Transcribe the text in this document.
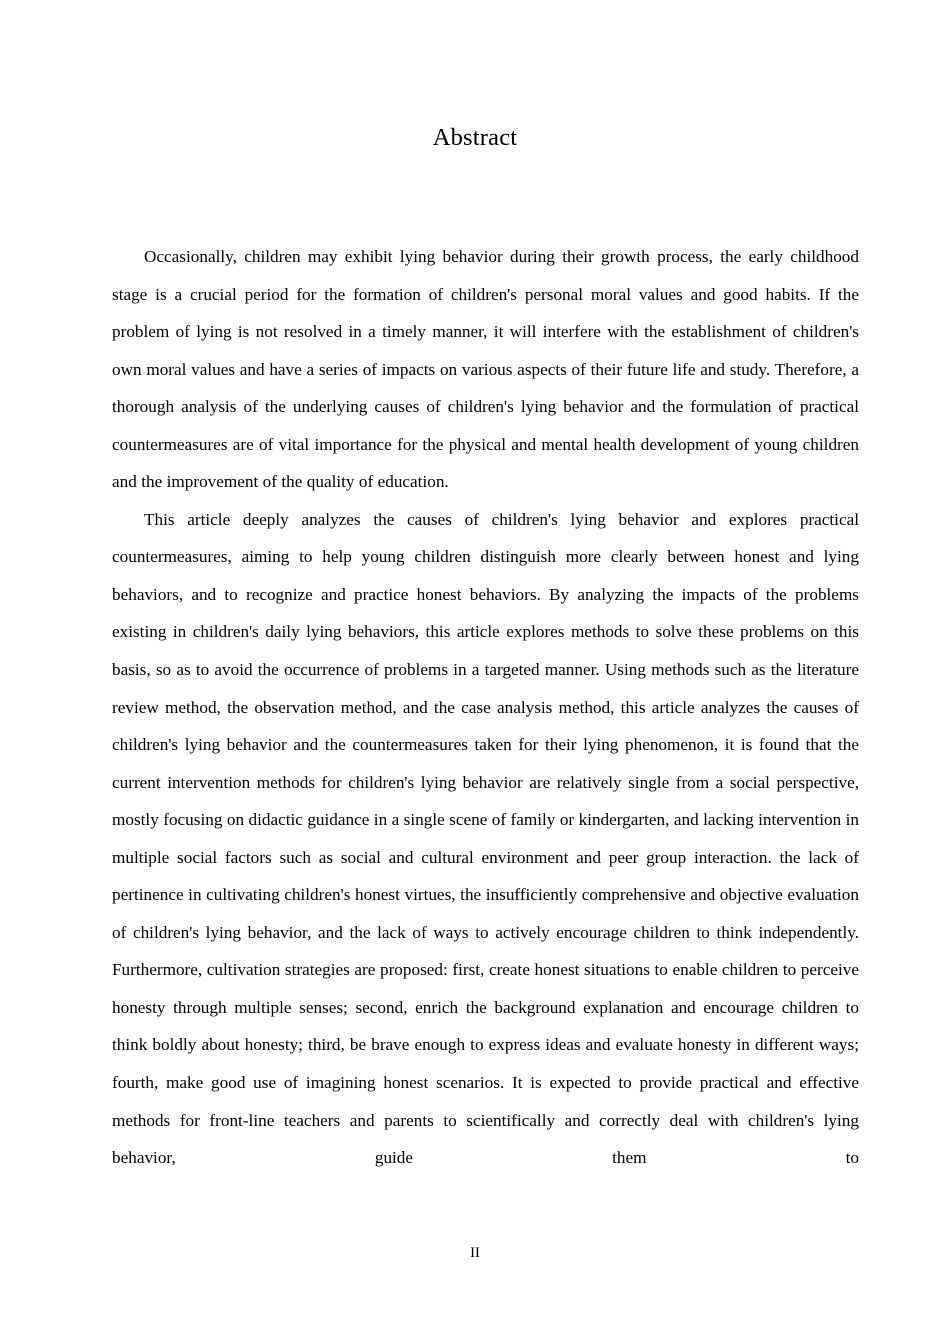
Abstract

Occasionally, children may exhibit lying behavior during their growth process, the early childhood stage is a crucial period for the formation of children's personal moral values and good habits. If the problem of lying is not resolved in a timely manner, it will interfere with the establishment of children's own moral values and have a series of impacts on various aspects of their future life and study. Therefore, a thorough analysis of the underlying causes of children's lying behavior and the formulation of practical countermeasures are of vital importance for the physical and mental health development of young children and the improvement of the quality of education.

This article deeply analyzes the causes of children's lying behavior and explores practical countermeasures, aiming to help young children distinguish more clearly between honest and lying behaviors, and to recognize and practice honest behaviors. By analyzing the impacts of the problems existing in children's daily lying behaviors, this article explores methods to solve these problems on this basis, so as to avoid the occurrence of problems in a targeted manner. Using methods such as the literature review method, the observation method, and the case analysis method, this article analyzes the causes of children's lying behavior and the countermeasures taken for their lying phenomenon, it is found that the current intervention methods for children's lying behavior are relatively single from a social perspective, mostly focusing on didactic guidance in a single scene of family or kindergarten, and lacking intervention in multiple social factors such as social and cultural environment and peer group interaction. the lack of pertinence in cultivating children's honest virtues, the insufficiently comprehensive and objective evaluation of children's lying behavior, and the lack of ways to actively encourage children to think independently. Furthermore, cultivation strategies are proposed: first, create honest situations to enable children to perceive honesty through multiple senses; second, enrich the background explanation and encourage children to think boldly about honesty; third, be brave enough to express ideas and evaluate honesty in different ways; fourth, make good use of imagining honest scenarios. It is expected to provide practical and effective methods for front-line teachers and parents to scientifically and correctly deal with children's lying behavior, guide them to

II
